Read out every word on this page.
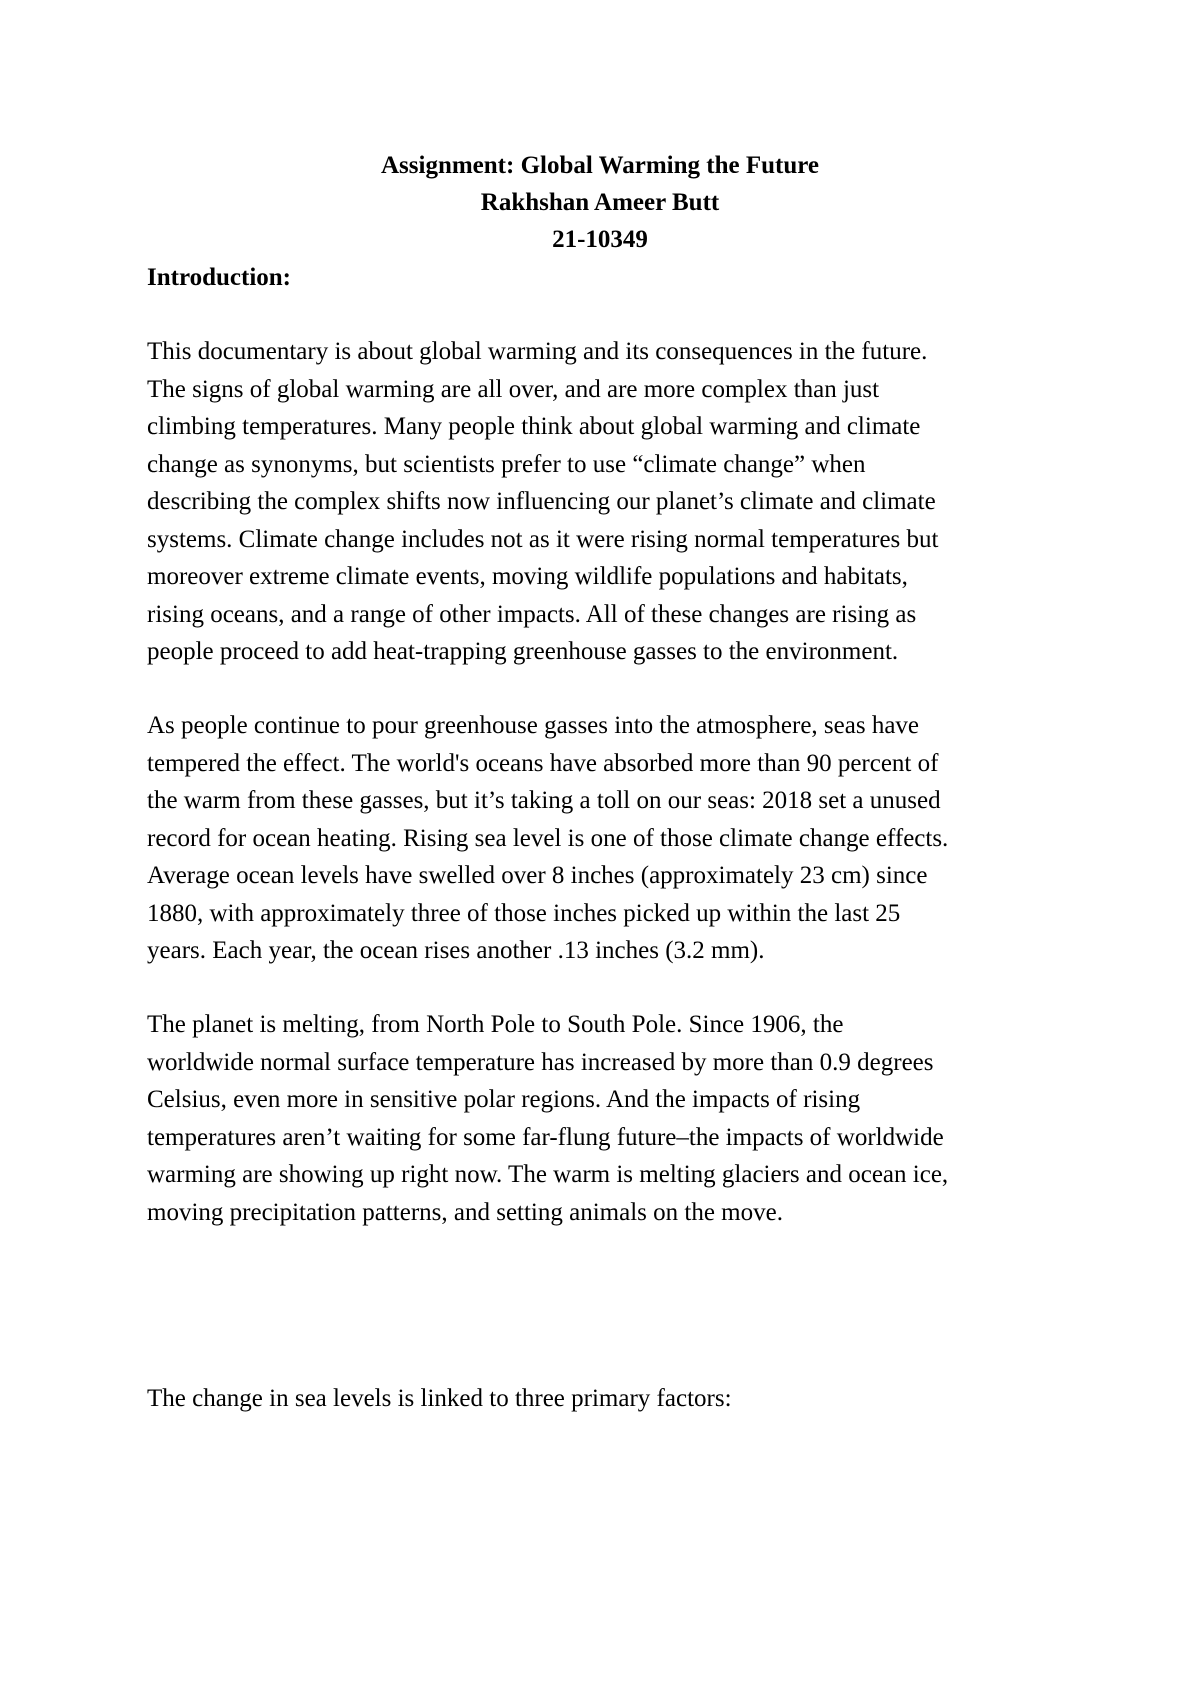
Assignment: Global Warming the Future
Rakhshan Ameer Butt
21-10349
Introduction:
This documentary is about global warming and its consequences in the future.
The signs of global warming are all over, and are more complex than just
climbing temperatures. Many people think about global warming and climate
change as synonyms, but scientists prefer to use “climate change” when
describing the complex shifts now influencing our planet’s climate and climate
systems. Climate change includes not as it were rising normal temperatures but
moreover extreme climate events, moving wildlife populations and habitats,
rising oceans, and a range of other impacts. All of these changes are rising as
people proceed to add heat-trapping greenhouse gasses to the environment.
As people continue to pour greenhouse gasses into the atmosphere, seas have
tempered the effect. The world's oceans have absorbed more than 90 percent of
the warm from these gasses, but it’s taking a toll on our seas: 2018 set a unused
record for ocean heating. Rising sea level is one of those climate change effects.
Average ocean levels have swelled over 8 inches (approximately 23 cm) since
1880, with approximately three of those inches picked up within the last 25
years. Each year, the ocean rises another .13 inches (3.2 mm).
The planet is melting, from North Pole to South Pole. Since 1906, the
worldwide normal surface temperature has increased by more than 0.9 degrees
Celsius, even more in sensitive polar regions. And the impacts of rising
temperatures aren’t waiting for some far-flung future–the impacts of worldwide
warming are showing up right now. The warm is melting glaciers and ocean ice,
moving precipitation patterns, and setting animals on the move.
The change in sea levels is linked to three primary factors:
